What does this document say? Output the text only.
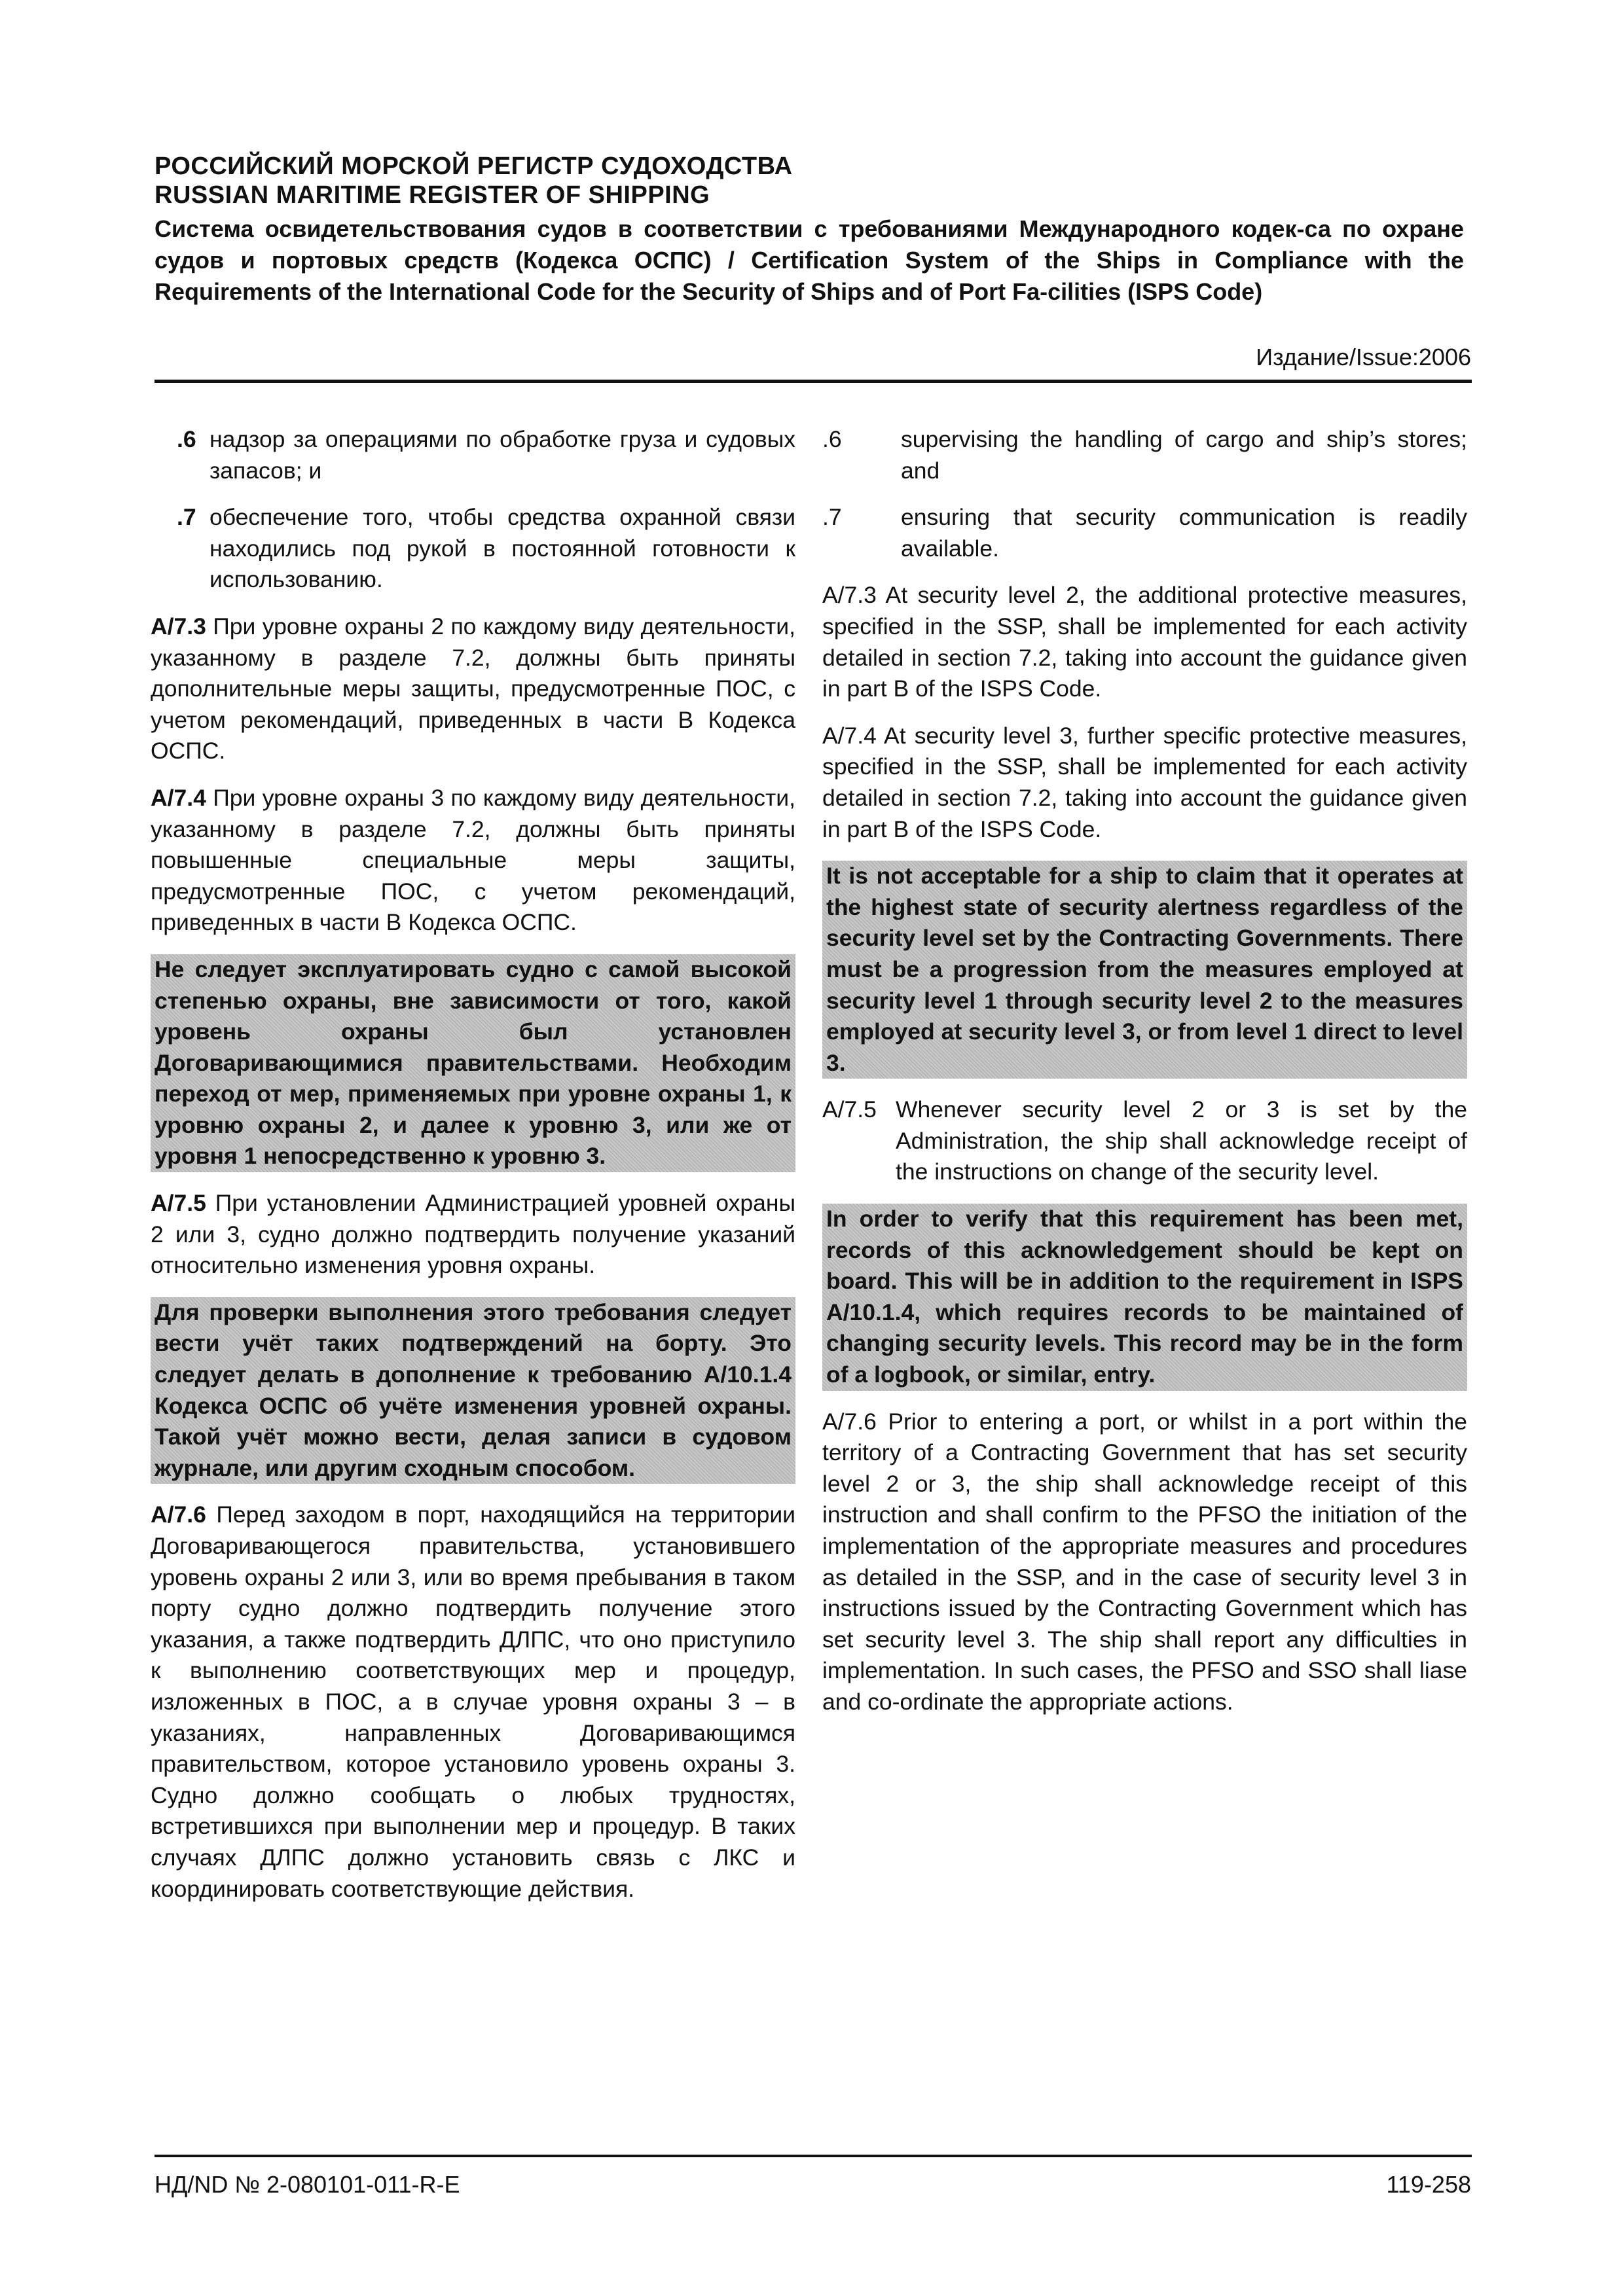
РОССИЙСКИЙ МОРСКОЙ РЕГИСТР СУДОХОДСТВА
RUSSIAN MARITIME REGISTER OF SHIPPING
Система освидетельствования судов в соответствии с требованиями Международного кодек-са по охране судов и портовых средств (Кодекса ОСПС) / Certification System of the Ships in Compliance with the Requirements of the International Code for the Security of Ships and of Port Fa-cilities (ISPS Code)
Издание/Issue:2006
.6 надзор за операциями по обработке груза и судовых запасов; и
.7 обеспечение того, чтобы средства охранной связи находились под рукой в постоянной готовности к использованию.

А/7.3 При уровне охраны 2 по каждому виду деятельности, указанному в разделе 7.2, должны быть приняты дополнительные меры защиты, предусмотренные ПОС, с учетом рекомендаций, приведенных в части В Кодекса ОСПС.

А/7.4 При уровне охраны 3 по каждому виду деятельности, указанному в разделе 7.2, должны быть приняты повышенные специальные меры защиты, предусмотренные ПОС, с учетом рекомендаций, приведенных в части В Кодекса ОСПС.

Не следует эксплуатировать судно с самой высокой степенью охраны, вне зависимости от того, какой уровень охраны был установлен Договаривающимися правительствами. Необходим переход от мер, применяемых при уровне охраны 1, к уровню охраны 2, и далее к уровню 3, или же от уровня 1 непосредственно к уровню 3.

А/7.5 При установлении Администрацией уровней охраны 2 или 3, судно должно подтвердить получение указаний относительно изменения уровня охраны.

Для проверки выполнения этого требования следует вести учёт таких подтверждений на борту. Это следует делать в дополнение к требованию А/10.1.4 Кодекса ОСПС об учёте изменения уровней охраны. Такой учёт можно вести, делая записи в судовом журнале, или другим сходным способом.

А/7.6 Перед заходом в порт, находящийся на территории Договаривающегося правительства, установившего уровень охраны 2 или 3, или во время пребывания в таком порту судно должно подтвердить получение этого указания, а также подтвердить ДЛПС, что оно приступило к выполнению соответствующих мер и процедур, изложенных в ПОС, а в случае уровня охраны 3 – в указаниях, направленных Договаривающимся правительством, которое установило уровень охраны 3. Судно должно сообщать о любых трудностях, встретившихся при выполнении мер и процедур. В таких случаях ДЛПС должно установить связь с ЛКС и координировать соответствующие действия.

.6	supervising the handling of cargo and ship’s stores; and
.7	ensuring that security communication is readily available.

A/7.3 At security level 2, the additional protective measures, specified in the SSP, shall be implemented for each activity detailed in section 7.2, taking into account the guidance given in part B of the ISPS Code.

A/7.4 At security level 3, further specific protective measures, specified in the SSP, shall be implemented for each activity detailed in section 7.2, taking into account the guidance given in part B of the ISPS Code.

It is not acceptable for a ship to claim that it operates at the highest state of security alertness regardless of the security level set by the Contracting Governments. There must be a progression from the measures employed at security level 1 through security level 2 to the measures employed at security level 3, or from level 1 direct to level 3.
A/7.5 Whenever security level 2 or 3 is set by the Administration, the ship shall acknowledge receipt of the instructions on change of the security level.
In order to verify that this requirement has been met, records of this acknowledgement should be kept on board. This will be in addition to the requirement in ISPS A/10.1.4, which requires records to be maintained of changing security levels. This record may be in the form of a logbook, or similar, entry.

A/7.6 Prior to entering a port, or whilst in a port within the territory of a Contracting Government that has set security level 2 or 3, the ship shall acknowledge receipt of this instruction and shall confirm to the PFSO the initiation of the implementation of the appropriate measures and procedures as detailed in the SSP, and in the case of security level 3 in instructions issued by the Contracting Government which has set security level 3. The ship shall report any difficulties in implementation. In such cases, the PFSO and SSO shall liase and co-ordinate the appropriate actions.

НД/ND № 2-080101-011-R-E	119-258
